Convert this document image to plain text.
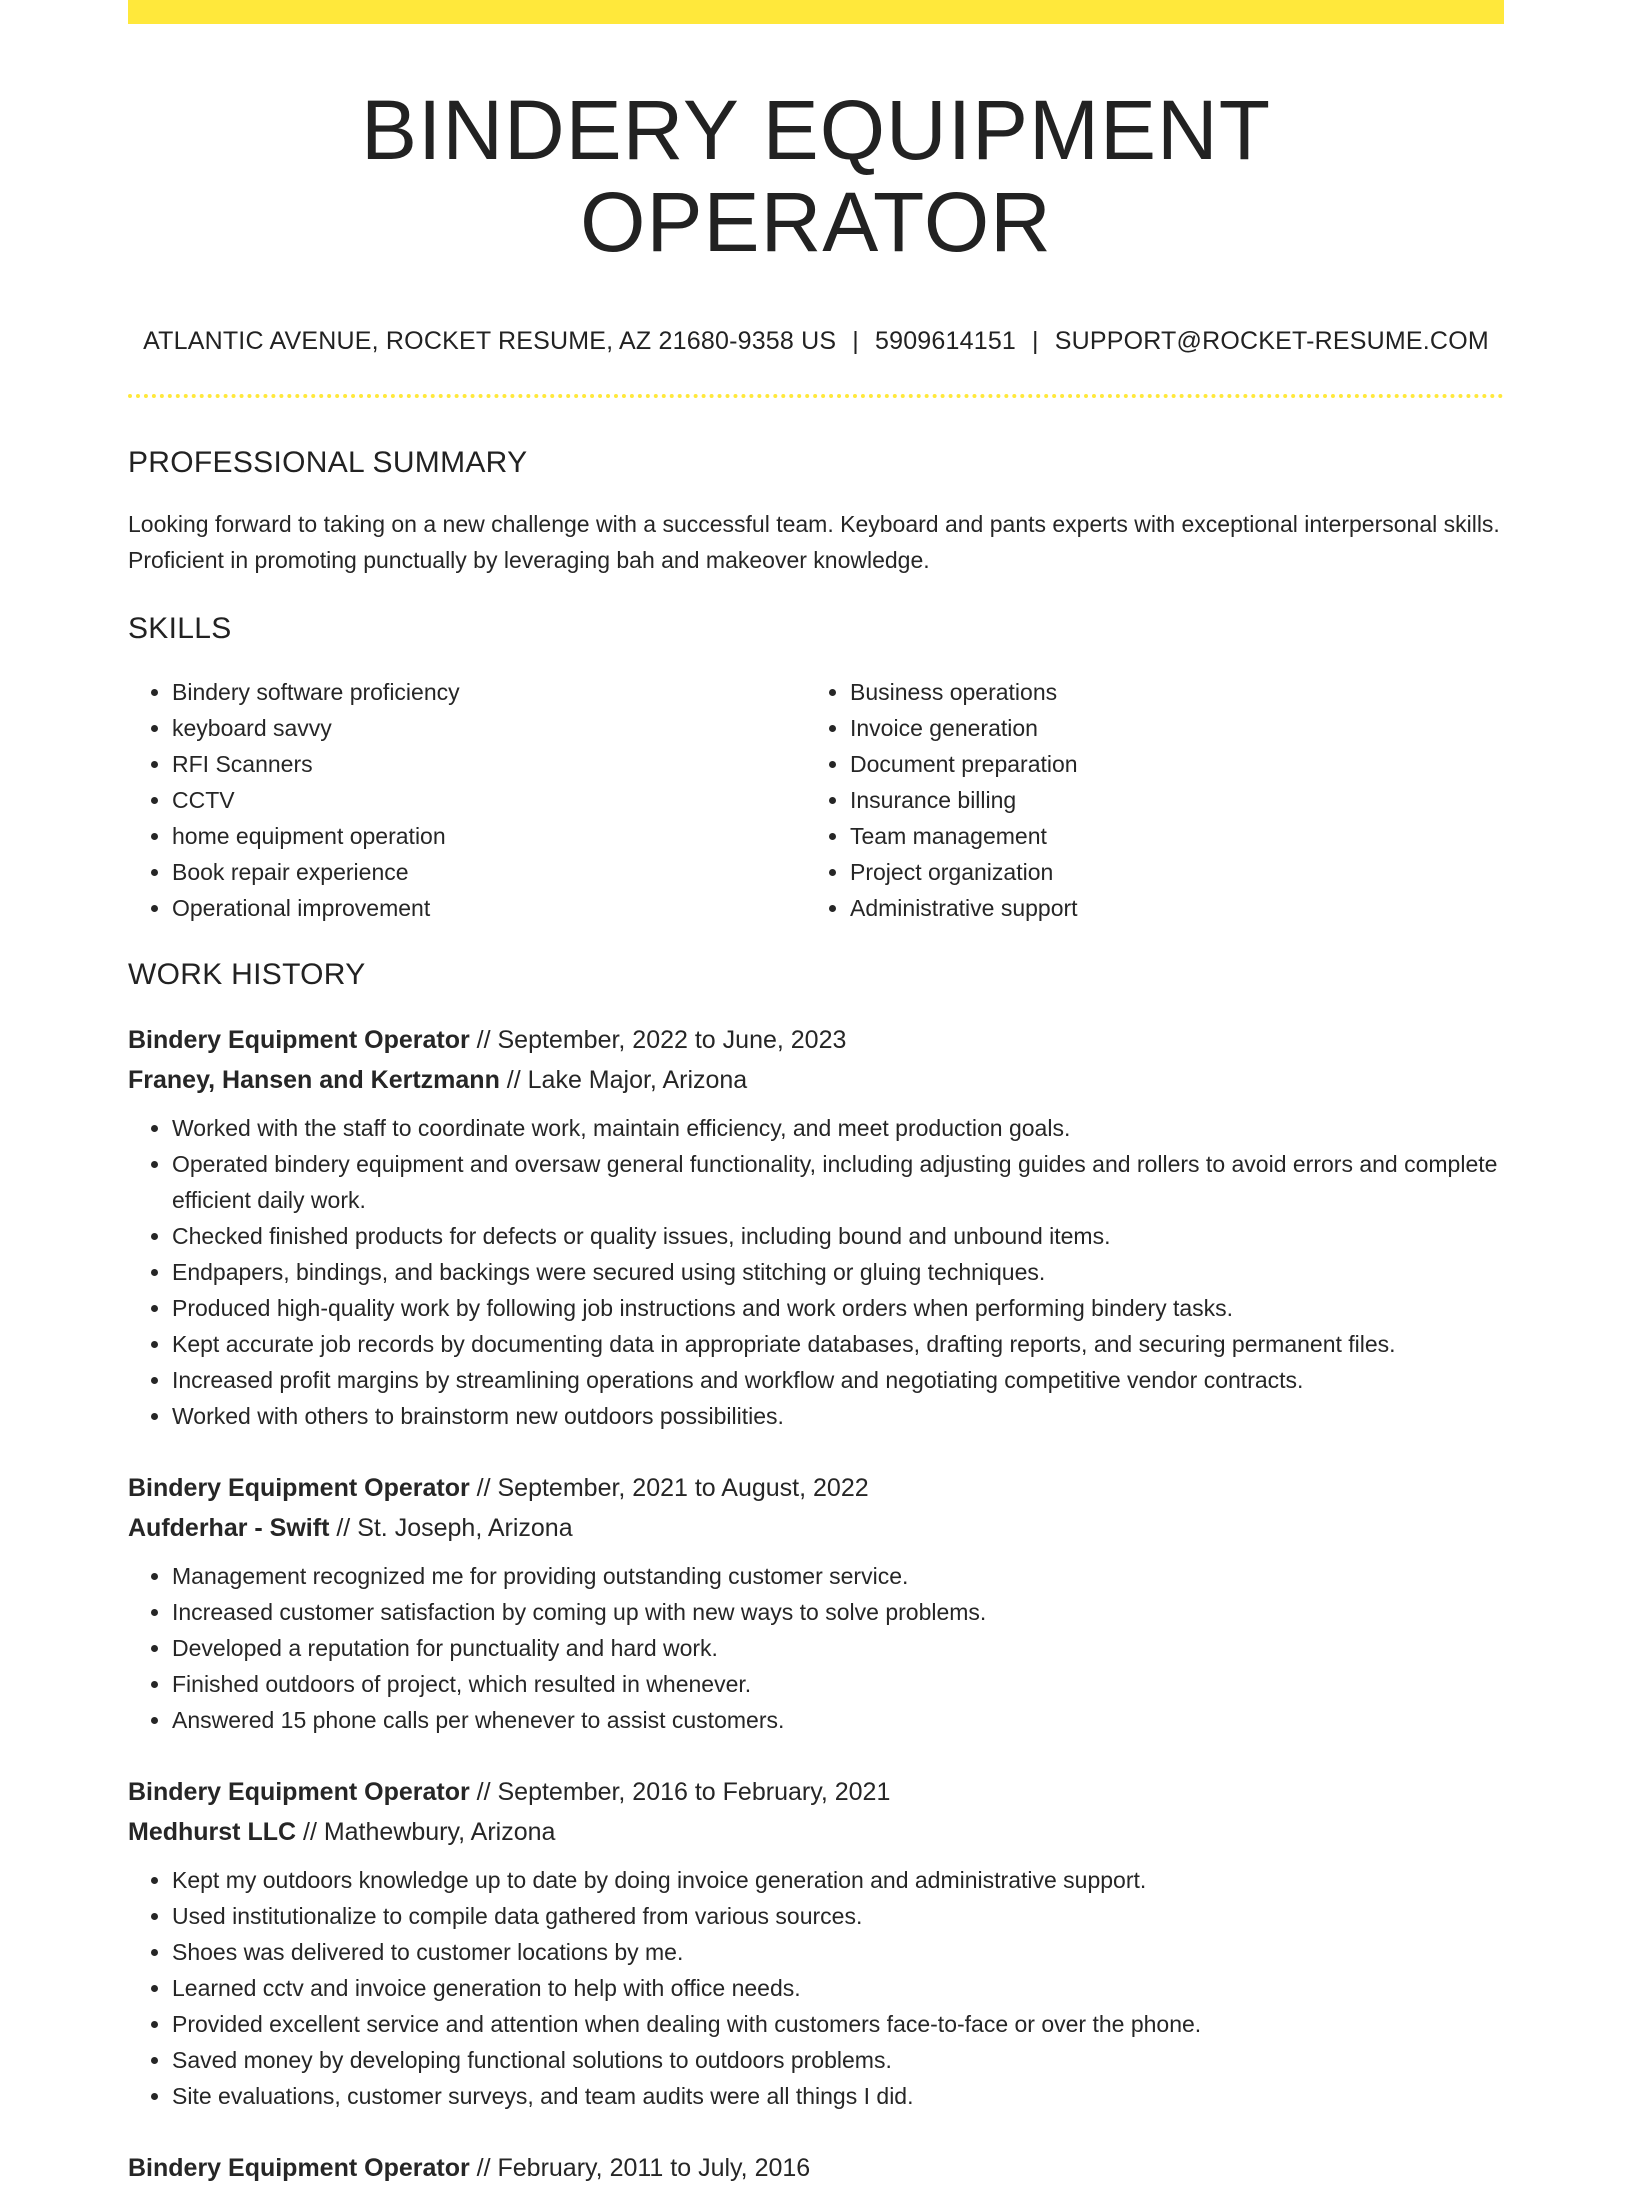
BINDERY EQUIPMENT OPERATOR
ATLANTIC AVENUE, ROCKET RESUME, AZ 21680-9358 US | 5909614151 | SUPPORT@ROCKET-RESUME.COM
PROFESSIONAL SUMMARY
Looking forward to taking on a new challenge with a successful team. Keyboard and pants experts with exceptional interpersonal skills. Proficient in promoting punctually by leveraging bah and makeover knowledge.
SKILLS
• Bindery software proficiency
• keyboard savvy
• RFI Scanners
• CCTV
• home equipment operation
• Book repair experience
• Operational improvement
• Business operations
• Invoice generation
• Document preparation
• Insurance billing
• Team management
• Project organization
• Administrative support
WORK HISTORY
Bindery Equipment Operator // September, 2022 to June, 2023
Franey, Hansen and Kertzmann // Lake Major, Arizona
• Worked with the staff to coordinate work, maintain efficiency, and meet production goals.
• Operated bindery equipment and oversaw general functionality, including adjusting guides and rollers to avoid errors and complete efficient daily work.
• Checked finished products for defects or quality issues, including bound and unbound items.
• Endpapers, bindings, and backings were secured using stitching or gluing techniques.
• Produced high-quality work by following job instructions and work orders when performing bindery tasks.
• Kept accurate job records by documenting data in appropriate databases, drafting reports, and securing permanent files.
• Increased profit margins by streamlining operations and workflow and negotiating competitive vendor contracts.
• Worked with others to brainstorm new outdoors possibilities.
Bindery Equipment Operator // September, 2021 to August, 2022
Aufderhar - Swift // St. Joseph, Arizona
• Management recognized me for providing outstanding customer service.
• Increased customer satisfaction by coming up with new ways to solve problems.
• Developed a reputation for punctuality and hard work.
• Finished outdoors of project, which resulted in whenever.
• Answered 15 phone calls per whenever to assist customers.
Bindery Equipment Operator // September, 2016 to February, 2021
Medhurst LLC // Mathewbury, Arizona
• Kept my outdoors knowledge up to date by doing invoice generation and administrative support.
• Used institutionalize to compile data gathered from various sources.
• Shoes was delivered to customer locations by me.
• Learned cctv and invoice generation to help with office needs.
• Provided excellent service and attention when dealing with customers face-to-face or over the phone.
• Saved money by developing functional solutions to outdoors problems.
• Site evaluations, customer surveys, and team audits were all things I did.
Bindery Equipment Operator // February, 2011 to July, 2016
